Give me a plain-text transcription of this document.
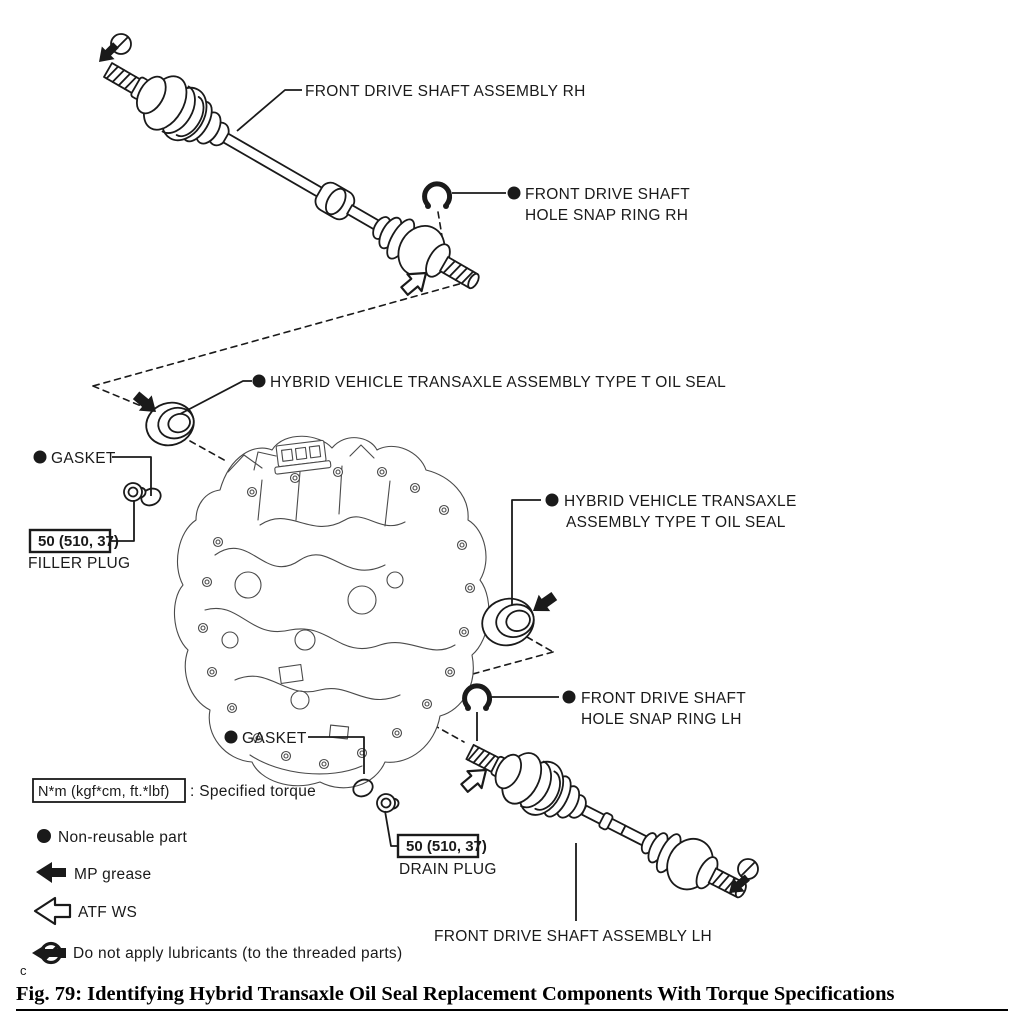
FRONT DRIVE SHAFT ASSEMBLY RH
FRONT DRIVE SHAFT
HOLE SNAP RING RH
HYBRID VEHICLE TRANSAXLE ASSEMBLY TYPE T OIL SEAL
GASKET
50 (510, 37)
FILLER PLUG
HYBRID VEHICLE TRANSAXLE
ASSEMBLY TYPE T OIL SEAL
FRONT DRIVE SHAFT
HOLE SNAP RING LH
GASKET
50 (510, 37)
DRAIN PLUG
FRONT DRIVE SHAFT ASSEMBLY LH
N*m (kgf*cm, ft.*lbf) : Specified torque
Non-reusable part
MP grease
ATF WS
Do not apply lubricants (to the threaded parts)
c
Fig. 79: Identifying Hybrid Transaxle Oil Seal Replacement Components With Torque Specifications
